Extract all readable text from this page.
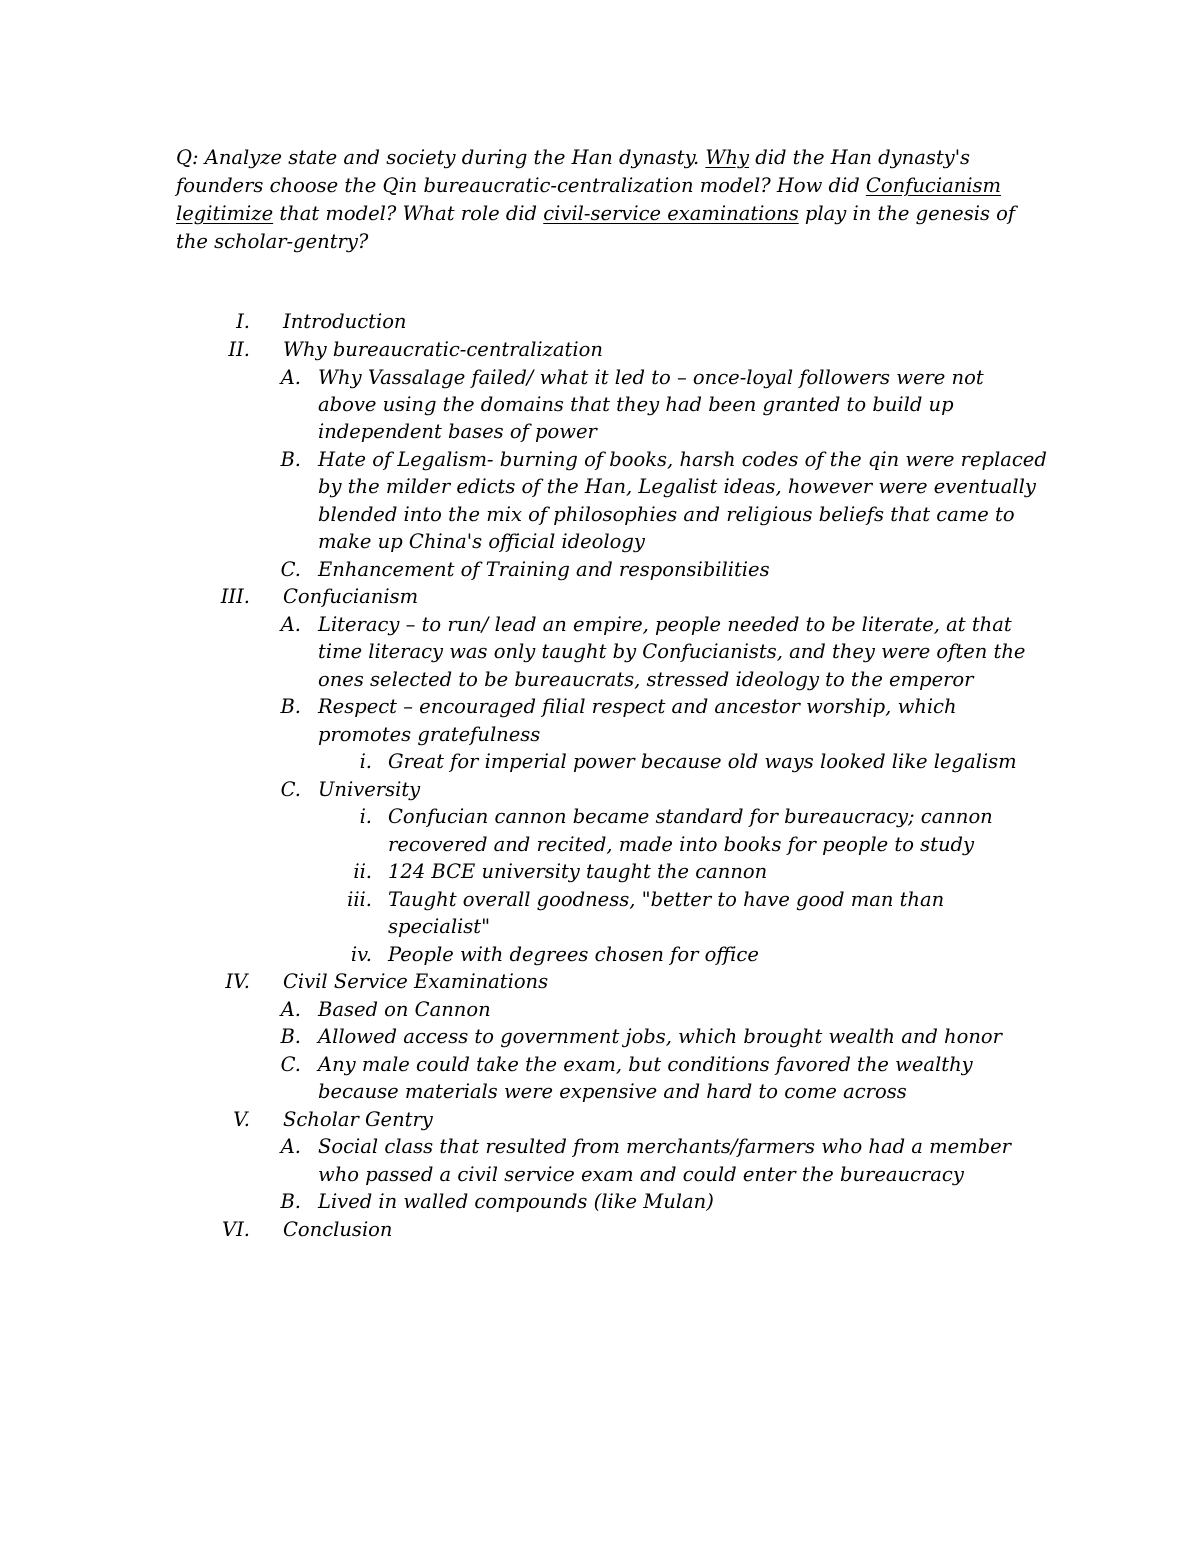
Q: Analyze state and society during the Han dynasty. Why did the Han dynasty's founders choose the Qin bureaucratic-centralization model? How did Confucianism legitimize that model? What role did civil-service examinations play in the genesis of the scholar-gentry?

I. Introduction
II. Why bureaucratic-centralization
A. Why Vassalage failed/ what it led to – once-loyal followers were not
above using the domains that they had been granted to build up
independent bases of power
B. Hate of Legalism- burning of books, harsh codes of the qin were replaced
by the milder edicts of the Han, Legalist ideas, however were eventually
blended into the mix of philosophies and religious beliefs that came to
make up China's official ideology
C. Enhancement of Training and responsibilities
III. Confucianism
A. Literacy – to run/ lead an empire, people needed to be literate, at that
time literacy was only taught by Confucianists, and they were often the
ones selected to be bureaucrats, stressed ideology to the emperor
B. Respect – encouraged filial respect and ancestor worship, which
promotes gratefulness
i. Great for imperial power because old ways looked like legalism
C. University
i. Confucian cannon became standard for bureaucracy; cannon
recovered and recited, made into books for people to study
ii. 124 BCE university taught the cannon
iii. Taught overall goodness, "better to have good man than
specialist"
iv. People with degrees chosen for office
IV. Civil Service Examinations
A. Based on Cannon
B. Allowed access to government jobs, which brought wealth and honor
C. Any male could take the exam, but conditions favored the wealthy
because materials were expensive and hard to come across
V. Scholar Gentry
A. Social class that resulted from merchants/farmers who had a member
who passed a civil service exam and could enter the bureaucracy
B. Lived in walled compounds (like Mulan)
VI. Conclusion
